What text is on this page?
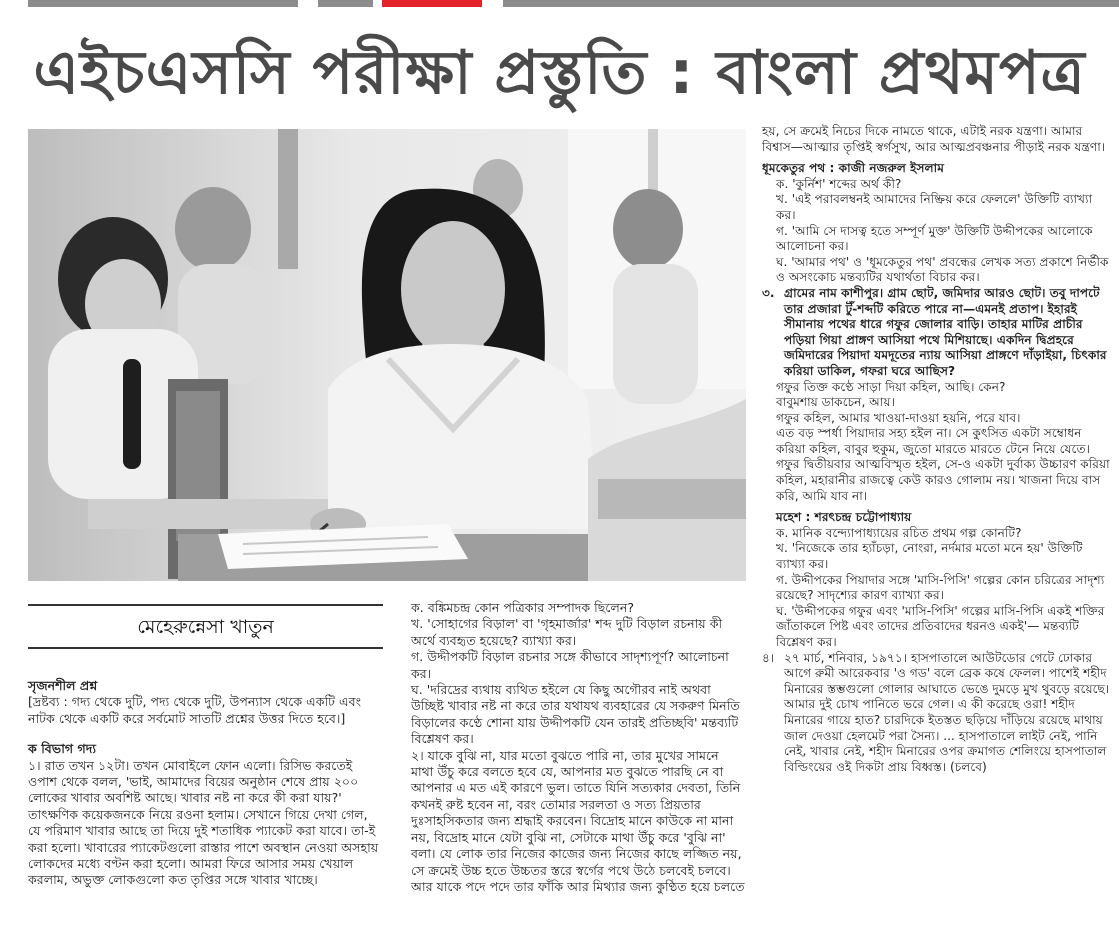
এইচএসসি পরীক্ষা প্রস্তুতি : বাংলা প্রথমপত্র
মেহেরুন্নেসা খাতুন

সৃজনশীল প্রশ্ন

[দ্রষ্টব্য : গদ্য থেকে দুটি, পদ্য থেকে দুটি, উপন্যাস থেকে একটি এবং নাটক থেকে একটি করে সর্বমোট সাতটি প্রশ্নের উত্তর দিতে হবে।]

ক বিভাগ গদ্য

১। রাত তখন ১২টা। তখন মোবাইলে ফোন এলো। রিসিভ করতেই ওপাশ থেকে বলল, 'ভাই, আমাদের বিয়ের অনুষ্ঠান শেষে প্রায় ২০০ লোকের খাবার অবশিষ্ট আছে। খাবার নষ্ট না করে কী করা যায়?' তাৎক্ষণিক কয়েকজনকে নিয়ে রওনা হলাম। সেখানে গিয়ে দেখা গেল, যে পরিমাণ খাবার আছে তা দিয়ে দুই শতাধিক প্যাকেট করা যাবে। তা-ই করা হলো। খাবারের প্যাকেটগুলো রাস্তার পাশে অবস্থান নেওয়া অসহায় লোকদের মধ্যে বণ্টন করা হলো। আমরা ফিরে আসার সময় খেয়াল করলাম, অভুক্ত লোকগুলো কত তৃপ্তির সঙ্গে খাবার খাচ্ছে।

ক. বঙ্কিমচন্দ্র কোন পত্রিকার সম্পাদক ছিলেন?

খ. 'সোহাগের বিড়াল' বা 'গৃহমার্জার' শব্দ দুটি বিড়াল রচনায় কী অর্থে ব্যবহৃত হয়েছে? ব্যাখ্যা কর।

গ. উদ্দীপকটি বিড়াল রচনার সঙ্গে কীভাবে সাদৃশ্যপূর্ণ? আলোচনা কর।

ঘ. 'দরিদ্রের ব্যথায় ব্যথিত হইলে যে কিছু অগৌরব নাই অথবা উচ্ছিষ্ট খাবার নষ্ট না করে তার যথাযথ ব্যবহারের যে সকরুণ মিনতি বিড়ালের কণ্ঠে শোনা যায় উদ্দীপকটি যেন তারই প্রতিচ্ছবি' মন্তব্যটি বিশ্লেষণ কর।

২। যাকে বুঝি না, যার মতো বুঝতে পারি না, তার মুখের সামনে মাথা উঁচু করে বলতে হবে যে, আপনার মত বুঝতে পারছি নে বা আপনার এ মত এই কারণে ভুল। তাতে যিনি সত্যকার দেবতা, তিনি কখনই রুষ্ট হবেন না, বরং তোমার সরলতা ও সত্য প্রিয়তার দুঃসাহসিকতার জন্য শ্রদ্ধাই করবেন। বিদ্রোহ মানে কাউকে না মানা নয়, বিদ্রোহ মানে যেটা বুঝি না, সেটাকে মাথা উঁচু করে 'বুঝি না' বলা। যে লোক তার নিজের কাজের জন্য নিজের কাছে লজ্জিত নয়, সে ক্রমেই উচ্চ হতে উচ্চতর স্তরে স্বর্গের পথে উঠে চলবেই চলবে। আর যাকে পদে পদে তার ফাঁকি আর মিথ্যার জন্য কুণ্ঠিত হয়ে চলতে

হয়, সে ক্রমেই নিচের দিকে নামতে থাকে, এটাই নরক যন্ত্রণা। আমার বিশ্বাস—আত্মার তৃপ্তিই স্বর্গসুখ, আর আত্মপ্রবঞ্চনার পীড়াই নরক যন্ত্রণা।

ধূমকেতুর পথ : কাজী নজরুল ইসলাম

ক. 'কুর্নিশ' শব্দের অর্থ কী?

খ. 'এই পরাবলম্বনই আমাদের নিষ্ক্রিয় করে ফেললে' উক্তিটি ব্যাখ্যা কর।

গ. 'আমি সে দাসত্ব হতে সম্পূর্ণ মুক্ত' উক্তিটি উদ্দীপকের আলোকে আলোচনা কর।

ঘ. 'আমার পথ' ও 'ধূমকেতুর পথ' প্রবন্ধের লেখক সত্য প্রকাশে নির্ভীক ও অসংকোচ মন্তব্যটির যথার্থতা বিচার কর।

৩. গ্রামের নাম কাশীপুর। গ্রাম ছোট, জমিদার আরও ছোট। তবু দাপটে তার প্রজারা টুঁ-শব্দটি করিতে পারে না—এমনই প্রতাপ। ইহারই সীমানায় পথের ধারে গফুর জোলার বাড়ি। তাহার মাটির প্রাচীর পড়িয়া গিয়া প্রাঙ্গণ আসিয়া পথে মিশিয়াছে। একদিন দ্বিপ্রহরে জমিদারের পিয়াদা যমদূতের ন্যায় আসিয়া প্রাঙ্গণে দাঁড়াইয়া, চিৎকার করিয়া ডাকিল, গফরা ঘরে আছিস?

গফুর তিক্ত কণ্ঠে সাড়া দিয়া কহিল, আছি। কেন?

বাবুমশায় ডাকচেন, আয়।

গফুর কহিল, আমার খাওয়া-দাওয়া হয়নি, পরে যাব।

এত বড় স্পর্ধা পিয়াদার সহ্য হইল না। সে কুৎসিত একটা সম্বোধন করিয়া কহিল, বাবুর হুকুম, জুতো মারতে মারতে টেনে নিয়ে যেতে।

গফুর দ্বিতীয়বার আত্মবিস্মৃত হইল, সে-ও একটা দুর্বাক্য উচ্চারণ করিয়া কহিল, মহারানীর রাজত্বে কেউ কারও গোলাম নয়। খাজনা দিয়ে বাস করি, আমি যাব না।

মহেশ : শরৎচন্দ্র চট্টোপাধ্যায়

ক. মানিক বন্দ্যোপাধ্যায়ের রচিত প্রথম গল্প কোনটি?

খ. 'নিজেকে তার হ্যাঁচড়া, নোংরা, নর্দমার মতো মনে হয়' উক্তিটি ব্যাখ্যা কর।

গ. উদ্দীপকের পিয়াদার সঙ্গে 'মাসি-পিসি' গল্পের কোন চরিত্রের সাদৃশ্য রয়েছে? সাদৃশ্যের কারণ ব্যাখ্যা কর।

ঘ. 'উদ্দীপকের গফুর এবং 'মাসি-পিসি' গল্পের মাসি-পিসি একই শক্তির জাঁতাকলে পিষ্ট এবং তাদের প্রতিবাদের ধরনও একই'— মন্তব্যটি বিশ্লেষণ কর।

৪। ২৭ মার্চ, শনিবার, ১৯৭১। হাসপাতালে আউটডোর গেটে ঢোকার আগে রুমী আরেকবার 'ও গড' বলে ব্রেক কষে ফেলল। পাশেই শহীদ মিনারের স্তম্ভগুলো গোলার আঘাতে ভেঙে দুমড়ে মুখ থুবড়ে রয়েছে। আমার দুই চোখ পানিতে ভরে গেল। এ কী করেছে ওরা! শহীদ মিনারের গায়ে হাত? চারদিকে ইতস্তত ছড়িয়ে দাঁড়িয়ে রয়েছে মাথায় জাল দেওয়া হেলমেট পরা সৈন্য। ... হাসপাতালে লাইট নেই, পানি নেই, খাবার নেই, শহীদ মিনারের ওপর ক্রমাগত শেলিংয়ে হাসপাতাল বিল্ডিংয়ের ওই দিকটা প্রায় বিধ্বস্ত। (চলবে)
